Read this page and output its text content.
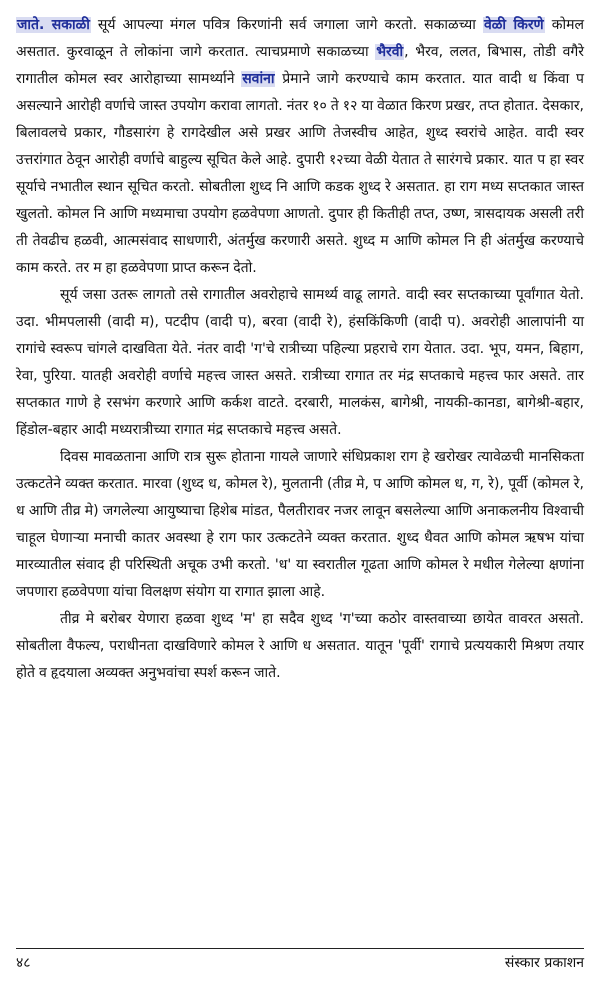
जाते. सकाळी सूर्य आपल्या मंगल पवित्र किरणांनी सर्व जगाला जागे करतो. सकाळच्या वेळी किरणे कोमल असतात. कुरवाळून ते लोकांना जागे करतात. त्याचप्रमाणे सकाळच्या भैरवी, भैरव, ललत, बिभास, तोडी वगैरे रागातील कोमल स्वर आरोहाच्या सामर्थ्याने सवांना प्रेमाने जागे करण्याचे काम करतात. यात वादी ध किंवा प असल्याने आरोही वर्णाचे जास्त उपयोग करावा लागतो. नंतर १० ते १२ या वेळात किरण प्रखर, तप्त होतात. देसकार, बिलावलचे प्रकार, गौडसारंग हे रागदेखील असे प्रखर आणि तेजस्वीच आहेत, शुध्द स्वरांचे आहेत. वादी स्वर उत्तरांगात ठेवून आरोही वर्णाचे बाहुल्य सूचित केले आहे. दुपारी १२च्या वेळी येतात ते सारंगचे प्रकार. यात प हा स्वर सूर्याचे नभातील स्थान सूचित करतो. सोबतीला शुध्द नि आणि कडक शुध्द रे असतात. हा राग मध्य सप्तकात जास्त खुलतो. कोमल नि आणि मध्यमाचा उपयोग हळवेपणा आणतो. दुपार ही कितीही तप्त, उष्ण, त्रासदायक असली तरी ती तेवढीच हळवी, आत्मसंवाद साधणारी, अंतर्मुख करणारी असते. शुध्द म आणि कोमल नि ही अंतर्मुख करण्याचे काम करते. तर म हा हळवेपणा प्राप्त करून देतो.

सूर्य जसा उतरू लागतो तसे रागातील अवरोहाचे सामर्थ्य वाढू लागते. वादी स्वर सप्तकाच्या पूर्वांगात येतो. उदा. भीमपलासी (वादी म), पटदीप (वादी प), बरवा (वादी रे), हंसकिंकिणी (वादी प). अवरोही आलापांनी या रागांचे स्वरूप चांगले दाखविता येते. नंतर वादी 'ग'चे रात्रीच्या पहिल्या प्रहराचे राग येतात. उदा. भूप, यमन, बिहाग, रेवा, पुरिया. यातही अवरोही वर्णाचे महत्त्व जास्त असते. रात्रीच्या रागात तर मंद्र सप्तकाचे महत्त्व फार असते. तार सप्तकात गाणे हे रसभंग करणारे आणि कर्कश वाटते. दरबारी, मालकंस, बागेश्री, नायकी-कानडा, बागेश्री-बहार, हिंडोल-बहार आदी मध्यरात्रीच्या रागात मंद्र सप्तकाचे महत्त्व असते.

दिवस मावळताना आणि रात्र सुरू होताना गायले जाणारे संधिप्रकाश राग हे खरोखर त्यावेळची मानसिकता उत्कटतेने व्यक्त करतात. मारवा (शुध्द ध, कोमल रे), मुलतानी (तीव्र मे, प आणि कोमल ध, ग, रे), पूर्वी (कोमल रे, ध आणि तीव्र मे) जगलेल्या आयुष्याचा हिशेब मांडत, पैलतीरावर नजर लावून बसलेल्या आणि अनाकलनीय विश्वाची चाहूल घेणाऱ्या मनाची कातर अवस्था हे राग फार उत्कटतेने व्यक्त करतात. शुध्द धैवत आणि कोमल ऋषभ यांचा मारव्यातील संवाद ही परिस्थिती अचूक उभी करतो. 'ध' या स्वरातील गूढता आणि कोमल रे मधील गेलेल्या क्षणांना जपणारा हळवेपणा यांचा विलक्षण संयोग या रागात झाला आहे.

तीव्र मे बरोबर येणारा हळवा शुध्द 'म' हा सदैव शुध्द 'ग'च्या कठोर वास्तवाच्या छायेत वावरत असतो. सोबतीला वैफल्य, पराधीनता दाखविणारे कोमल रे आणि ध असतात. यातून 'पूर्वी' रागाचे प्रत्ययकारी मिश्रण तयार होते व हृदयाला अव्यक्त अनुभवांचा स्पर्श करून जाते.

४८	संस्कार प्रकाशन
